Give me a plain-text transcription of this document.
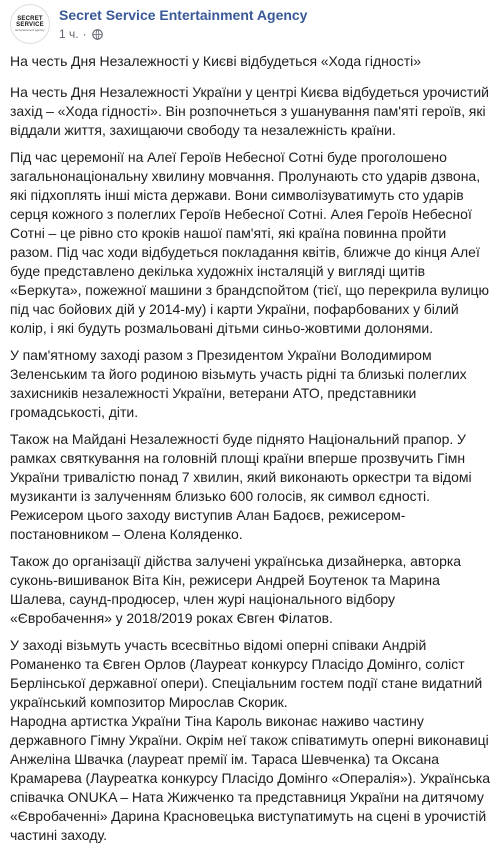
SECRET
SERVICE
Entertainment agency
Secret Service Entertainment Agency
1 ч. ·

На честь Дня Незалежності у Києві відбудеться «Хода гідності»

На честь Дня Незалежності України у центрі Києва відбудеться урочистий захід – «Хода гідності». Він розпочнеться з ушанування пам'яті героїв, які віддали життя, захищаючи свободу та незалежність країни.

Під час церемонії на Алеї Героїв Небесної Сотні буде проголошено загальнонаціональну хвилину мовчання. Пролунають сто ударів дзвона, які підхоплять інші міста держави. Вони символізуватимуть сто ударів серця кожного з полеглих Героїв Небесної Сотні. Алея Героїв Небесної Сотні – це рівно сто кроків нашої пам'яті, які країна повинна пройти разом. Під час ходи відбудеться покладання квітів, ближче до кінця Алеї буде представлено декілька художніх інсталяцій у вигляді щитів «Беркута», пожежної машини з брандспойтом (тієї, що перекрила вулицю під час бойових дій у 2014-му) і карти України, пофарбованих у білий колір, і які будуть розмальовані дітьми синьо-жовтими долонями.

У пам'ятному заході разом з Президентом України Володимиром Зеленським та його родиною візьмуть участь рідні та близькі полеглих захисників незалежності України, ветерани АТО, представники громадськості, діти.

Також на Майдані Незалежності буде піднято Національний прапор. У рамках святкування на головній площі країни вперше прозвучить Гімн України тривалістю понад 7 хвилин, який виконають оркестри та відомі музиканти із залученням близько 600 голосів, як символ єдності. Режисером цього заходу виступив Алан Бадоєв, режисером-постановником – Олена Коляденко.

Також до організації дійства залучені українська дизайнерка, авторка суконь-вишиванок Віта Кін, режисери Андрей Боутенок та Марина Шалева, саунд-продюсер, член журі національного відбору «Євробачення» у 2018/2019 роках Євген Філатов.

У заході візьмуть участь всесвітньо відомі оперні співаки Андрій Романенко та Євген Орлов (Лауреат конкурсу Пласідо Домінго, соліст Берлінської державної опери). Спеціальним гостем події стане видатний український композитор Мирослав Скорик.

Народна артистка України Тіна Кароль виконає наживо частину державного Гімну України. Окрім неї також співатимуть оперні виконавиці Анжеліна Швачка (лауреат премії ім. Тараса Шевченка) та Оксана Крамарева (Лауреатка конкурсу Пласідо Домінго «Опералія»). Українська співачка ONUKA – Ната Жижченко та представниця України на дитячому «Євробаченні» Дарина Красновецька виступатимуть на сцені в урочистій частині заходу.
